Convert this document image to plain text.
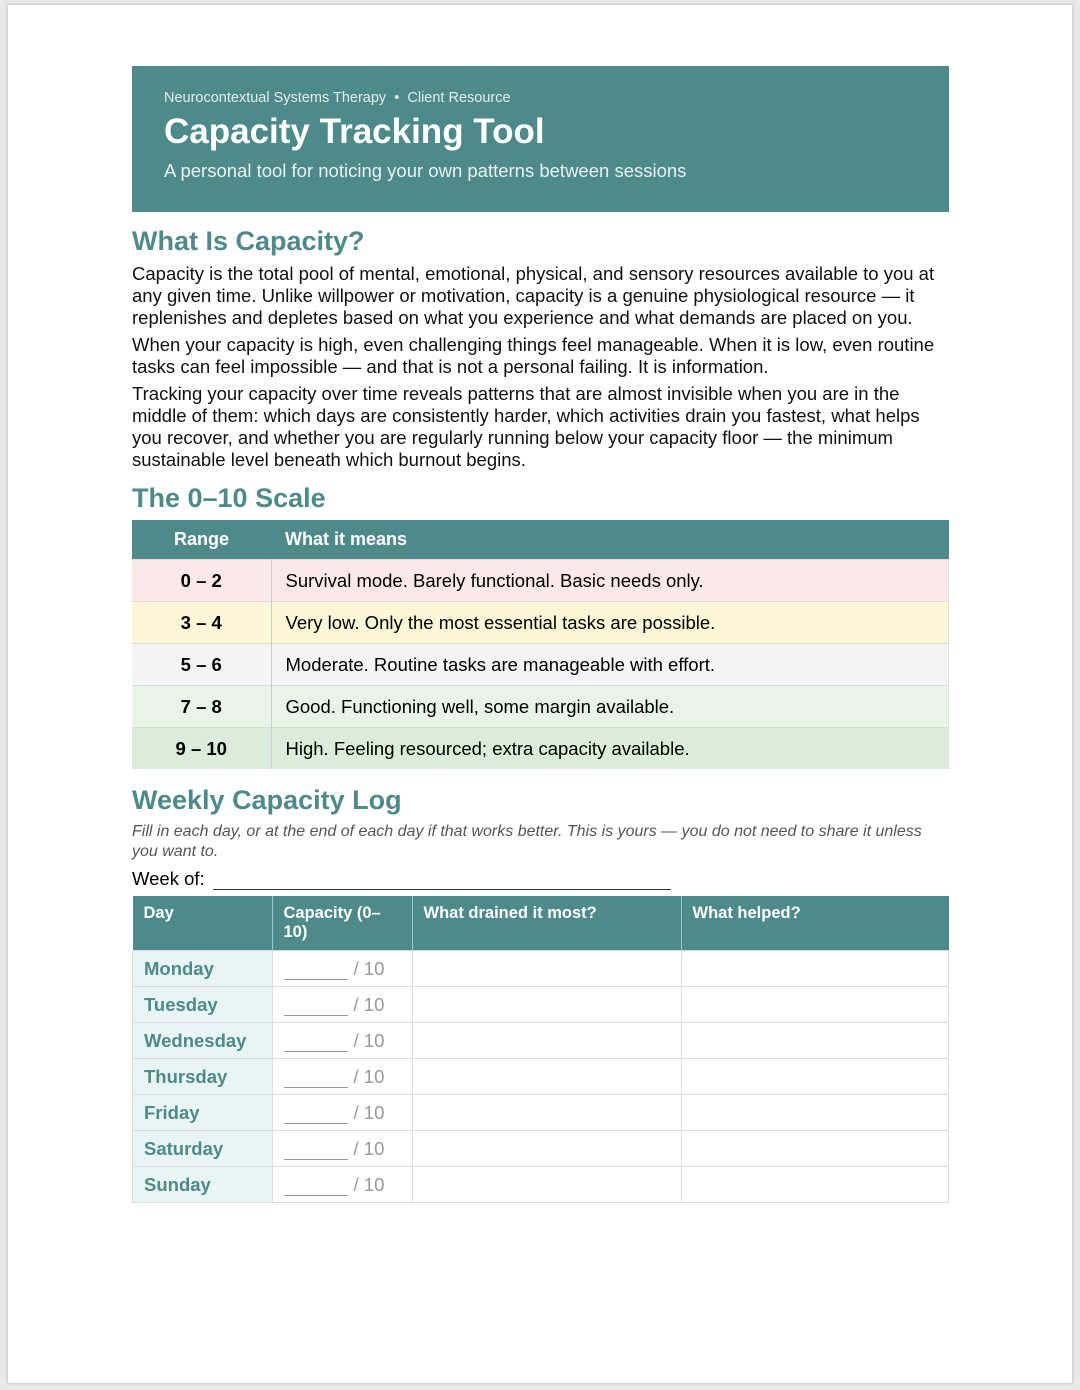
Neurocontextual Systems Therapy • Client Resource
Capacity Tracking Tool
A personal tool for noticing your own patterns between sessions
What Is Capacity?

Capacity is the total pool of mental, emotional, physical, and sensory resources available to you at any given time. Unlike willpower or motivation, capacity is a genuine physiological resource — it replenishes and depletes based on what you experience and what demands are placed on you.

When your capacity is high, even challenging things feel manageable. When it is low, even routine tasks can feel impossible — and that is not a personal failing. It is information.

Tracking your capacity over time reveals patterns that are almost invisible when you are in the middle of them: which days are consistently harder, which activities drain you fastest, what helps you recover, and whether you are regularly running below your capacity floor — the minimum sustainable level beneath which burnout begins.

The 0–10 Scale
Range	What it means
0 – 2	Survival mode. Barely functional. Basic needs only.
3 – 4	Very low. Only the most essential tasks are possible.
5 – 6	Moderate. Routine tasks are manageable with effort.
7 – 8	Good. Functioning well, some margin available.
9 – 10	High. Feeling resourced; extra capacity available.
Weekly Capacity Log
Fill in each day, or at the end of each day if that works better. This is yours — you do not need to share it unless you want to.
Week of:
Day	Capacity (0–10)	What drained it most?	What helped?
Monday	/ 10		
Tuesday	/ 10		
Wednesday	/ 10		
Thursday	/ 10		
Friday	/ 10		
Saturday	/ 10		
Sunday	/ 10		
